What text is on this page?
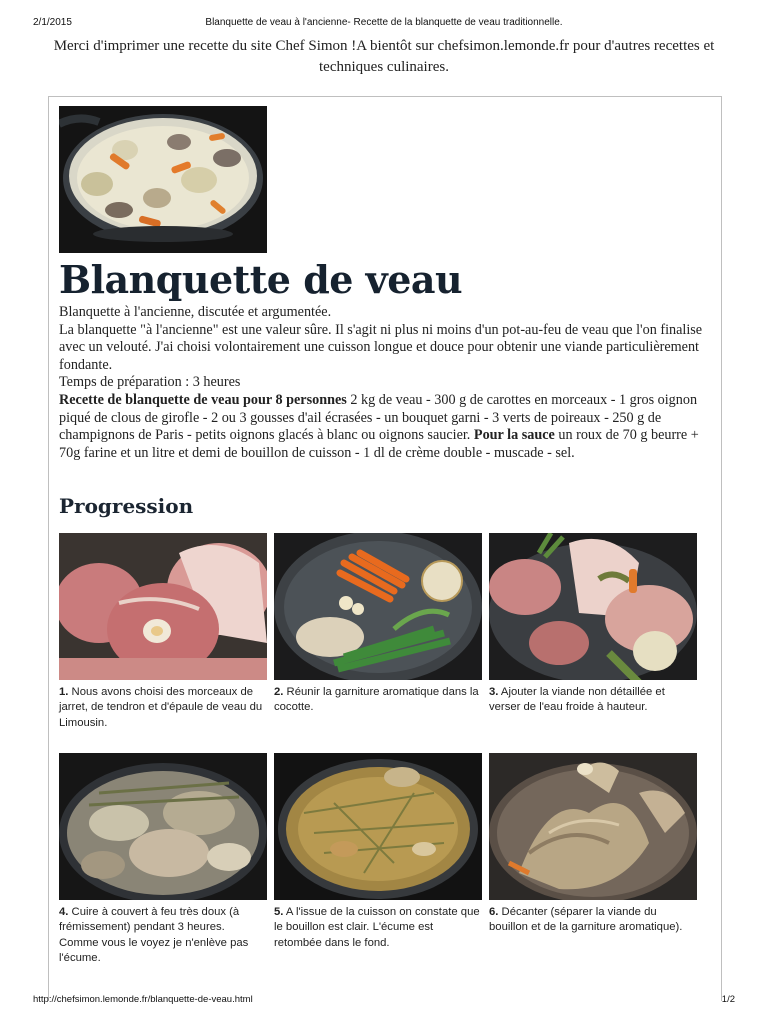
2/1/2015	Blanquette de veau à l'ancienne- Recette de la blanquette de veau traditionnelle.
Merci d'imprimer une recette du site Chef Simon !A bientôt sur chefsimon.lemonde.fr pour d'autres recettes et techniques culinaires.
Blanquette de veau

Blanquette à l'ancienne, discutée et argumentée.

La blanquette "à l'ancienne" est une valeur sûre. Il s'agit ni plus ni moins d'un pot-au-feu de veau que l'on finalise avec un velouté. J'ai choisi volontairement une cuisson longue et douce pour obtenir une viande particulièrement fondante.

Temps de préparation : 3 heures

Recette de blanquette de veau pour 8 personnes 2 kg de veau - 300 g de carottes en morceaux - 1 gros oignon piqué de clous de girofle - 2 ou 3 gousses d'ail écrasées - un bouquet garni - 3 verts de poireaux - 250 g de champignons de Paris - petits oignons glacés à blanc ou oignons saucier. Pour la sauce un roux de 70 g beurre + 70g farine et un litre et demi de bouillon de cuisson - 1 dl de crème double - muscade - sel.

Progression
1. Nous avons choisi des morceaux de jarret, de tendron et d'épaule de veau du Limousin.
2. Réunir la garniture aromatique dans la cocotte.
3. Ajouter la viande non détaillée et verser de l'eau froide à hauteur.
4. Cuire à couvert à feu très doux (à frémissement) pendant 3 heures. Comme vous le voyez je n'enlève pas l'écume.
5. A l'issue de la cuisson on constate que le bouillon est clair. L'écume est retombée dans le fond.
6. Décanter (séparer la viande du bouillon et de la garniture aromatique).
http://chefsimon.lemonde.fr/blanquette-de-veau.html	1/2
